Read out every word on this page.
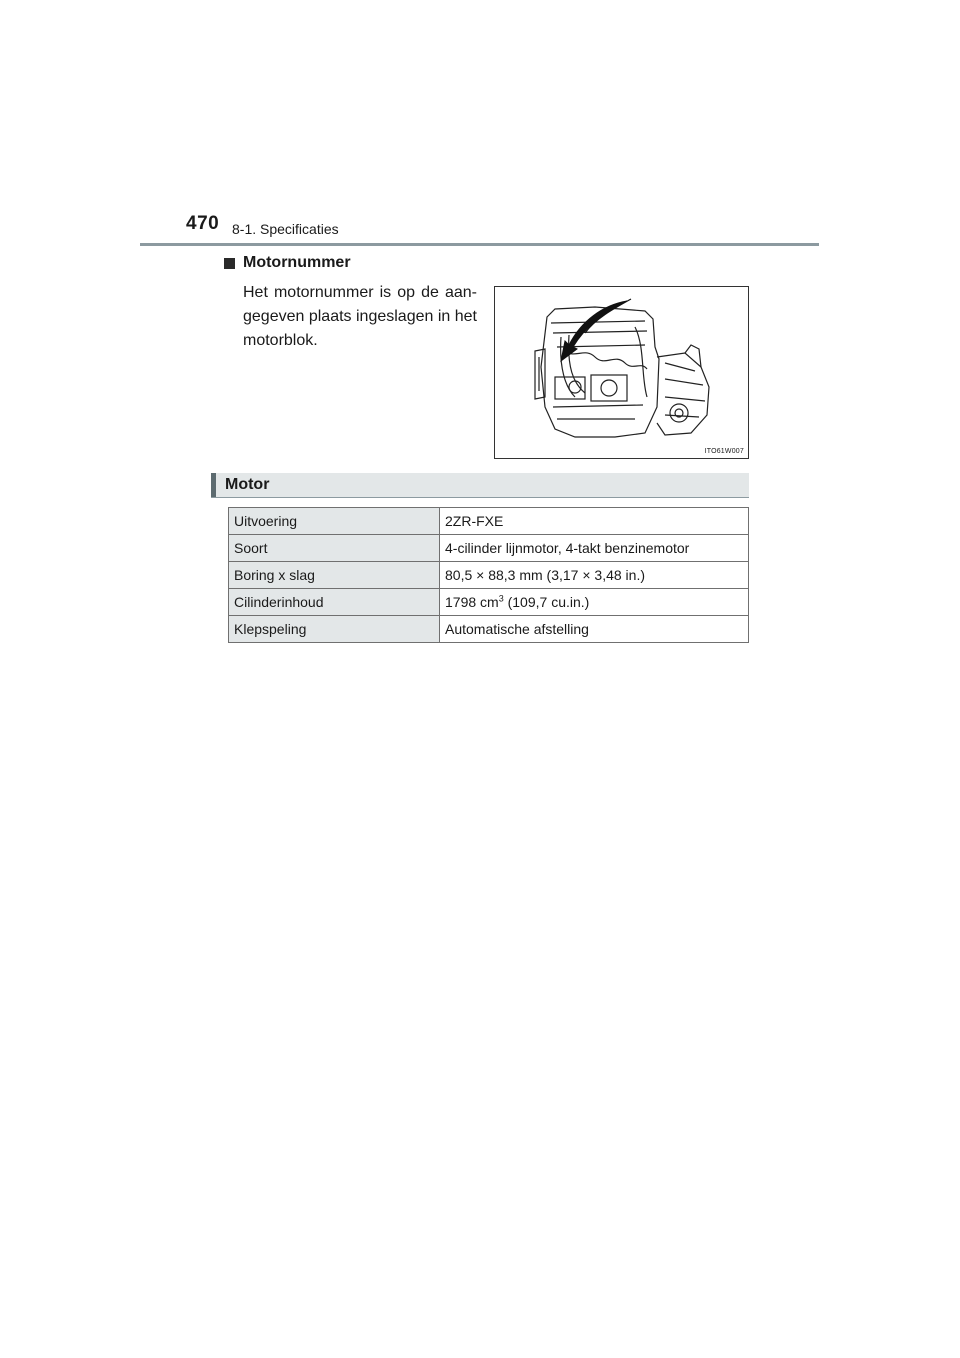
470 8-1. Specificaties
Motornummer
Het motornummer is op de aan-gegeven plaats ingeslagen in het motorblok.
ITO61W007
Motor
Uitvoering	2ZR-FXE
Soort	4-cilinder lijnmotor, 4-takt benzinemotor
Boring x slag	80,5 × 88,3 mm (3,17 × 3,48 in.)
Cilinderinhoud	1798 $cm^3$ (109,7 cu.in.)
Klepspeling	Automatische afstelling
